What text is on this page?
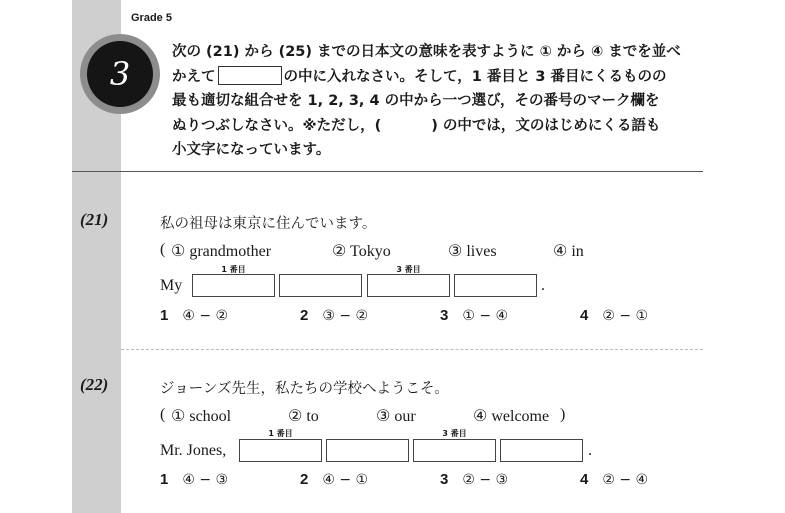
Grade 5
3
次の (21) から (25) までの日本文の意味を表すように ① から ④ までを並べ
かえて	の中に入れなさい。そして，1 番目と 3 番目にくるものの
最も適切な組合せを 1, 2, 3, 4 の中から一つ選び，その番号のマーク欄を
ぬりつぶしなさい。※ただし，(	) の中では，文のはじめにくる語も
小文字になっています。
(21)	私の祖母は東京に住んでいます。
( ① grandmother	② Tokyo	③ lives	④ in
My
1 番目	3 番目
.
1 ④ − ②	2 ③ − ②	3 ① − ④	4 ② − ①
(22)	ジョーンズ先生，私たちの学校へようこそ。
( ① school	② to	③ our	④ welcome )
Mr. Jones,
1 番目	3 番目
.
1 ④ − ③	2 ④ − ①	3 ② − ③	4 ② − ④
